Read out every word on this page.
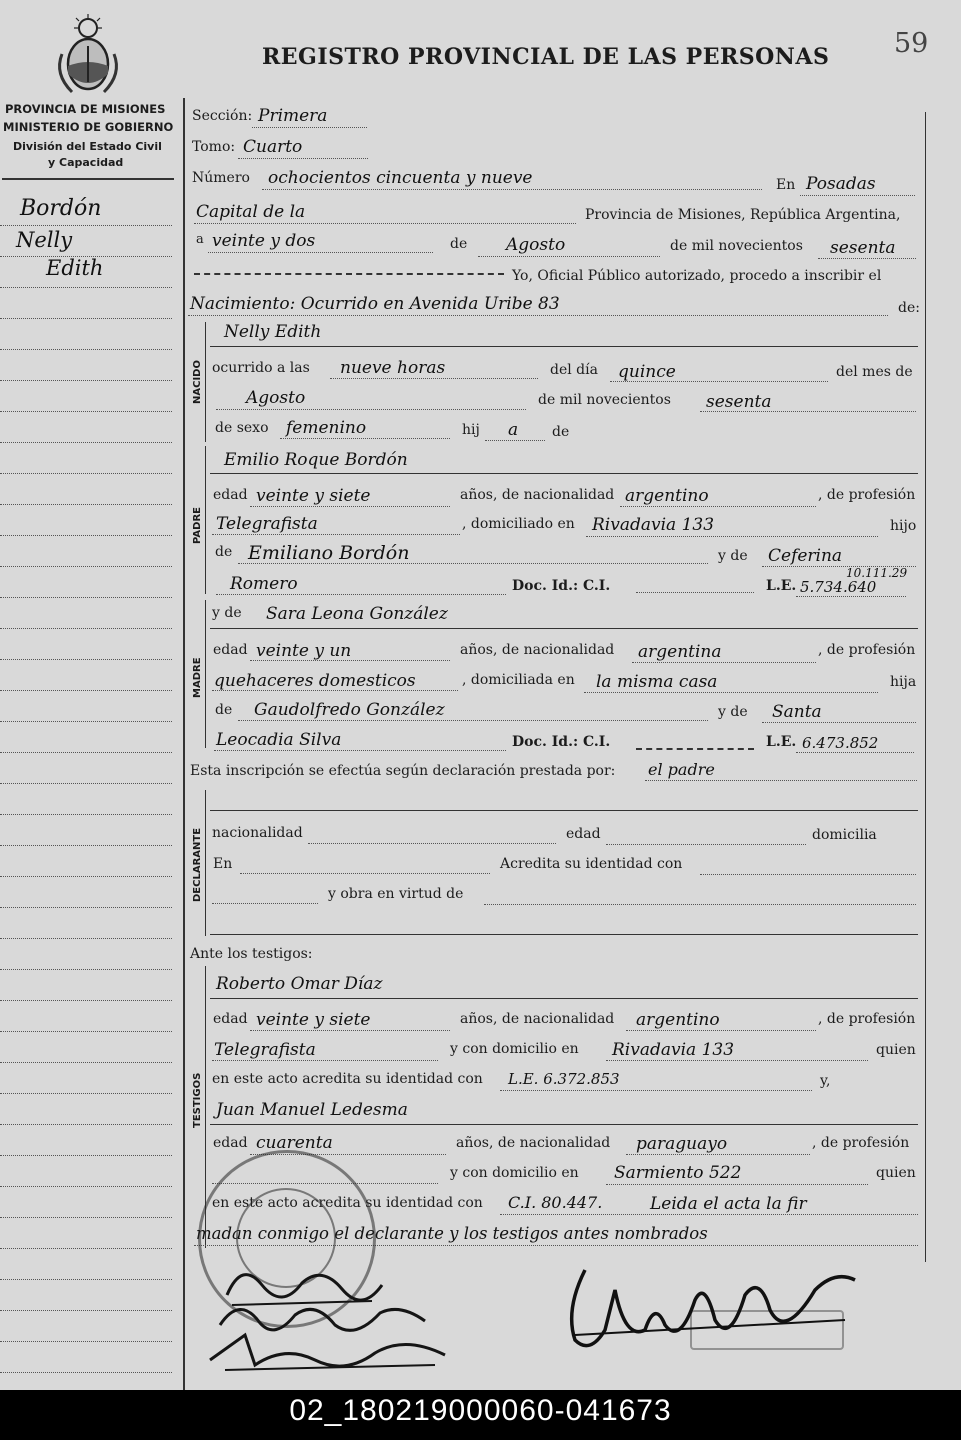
59
REGISTRO PROVINCIAL DE LAS PERSONAS
PROVINCIA DE MISIONES
MINISTERIO DE GOBIERNO
División del Estado Civil
y Capacidad
Bordón
Nelly
Edith
Sección: Primera
Tomo: Cuarto
Número ochocientos cincuenta y nueve	En Posadas
Capital de la	Provincia de Misiones, República Argentina,
a veinte y dos	de Agosto	de mil novecientos sesenta
Yo, Oficial Público autorizado, procedo a inscribir el
Nacimiento: Ocurrido en Avenida Uribe 83	de:
NACIDO
Nelly Edith
ocurrido a las nueve horas	del día quince	del mes de
Agosto	de mil novecientos sesenta
de sexo femenino	hij a de
PADRE
Emilio Roque Bordón
edad veinte y siete	años, de nacionalidad argentino	, de profesión
Telegrafista	, domiciliado en Rivadavia 133	hijo
de Emiliano Bordón	y de Ceferina
10.111.29
Romero	Doc. Id.: C.I.	L.E. 5.734.640
y de Sara Leona González
MADRE
edad veinte y un	años, de nacionalidad argentina	, de profesión
quehaceres domesticos	, domiciliada en la misma casa	hija
de Gaudolfredo González	y de Santa
Leocadia Silva	Doc. Id.: C.I.	L.E. 6.473.852
Esta inscripción se efectúa según declaración prestada por: el padre
DECLARANTE nacionalidad	edad	domicilia
En	Acredita su identidad con
y obra en virtud de
Ante los testigos:
TESTIGOS
Roberto Omar Díaz
edad veinte y siete	años, de nacionalidad argentino	, de profesión
Telegrafista	y con domicilio en Rivadavia 133	quien
en este acto acredita su identidad con L.E. 6.372.853	y,
Juan Manuel Ledesma
edad cuarenta	años, de nacionalidad paraguayo	, de profesión
y con domicilio en Sarmiento 522	quien
en este acto acredita su identidad con C.I. 80.447.	Leida el acta la fir
madan conmigo el declarante y los testigos antes nombrados
02_180219000060-041673
